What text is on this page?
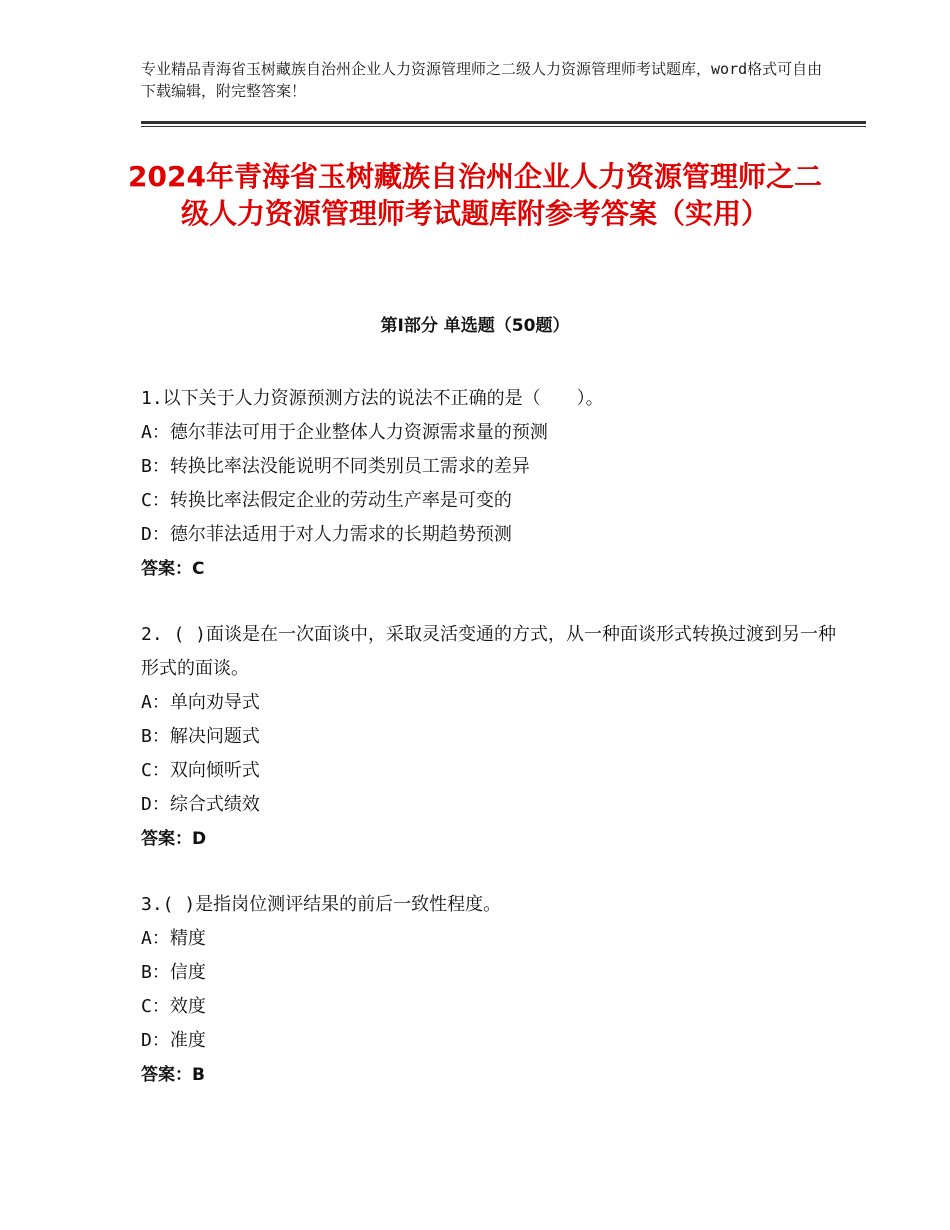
专业精品青海省玉树藏族自治州企业人力资源管理师之二级人力资源管理师考试题库，word格式可自由下载编辑，附完整答案！
2024年青海省玉树藏族自治州企业人力资源管理师之二级人力资源管理师考试题库附参考答案（实用）
第Ⅰ部分 单选题（50题）

1.以下关于人力资源预测方法的说法不正确的是（　　）。

A：德尔菲法可用于企业整体人力资源需求量的预测

B：转换比率法没能说明不同类别员工需求的差异

C：转换比率法假定企业的劳动生产率是可变的

D：德尔菲法适用于对人力需求的长期趋势预测

答案：C

2. ( )面谈是在一次面谈中，采取灵活变通的方式，从一种面谈形式转换过渡到另一种形式的面谈。

A：单向劝导式

B：解决问题式

C：双向倾听式

D：综合式绩效

答案：D

3.( )是指岗位测评结果的前后一致性程度。

A：精度

B：信度

C：效度

D：准度

答案：B
